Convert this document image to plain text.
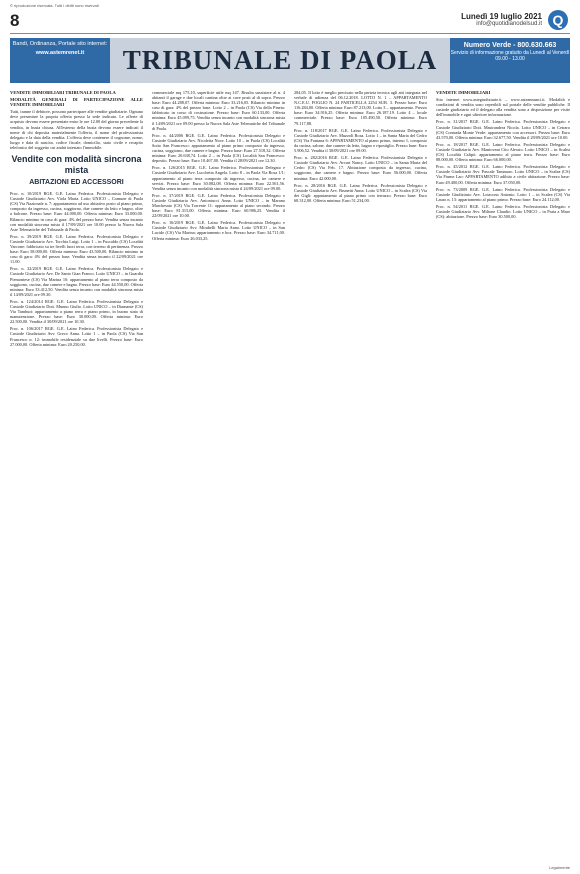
© riproduzione riservata. Tutti i diritti sono riservati
8	Lunedì 19 luglio 2021
info@quotidianodelsud.it Q
Bandi, Ordinanza, Portale sito internet:
www.astemrenet.it	TRIBUNALE DI PAOLA	Numero Verde - 800.630.663
Servizio di informazione gratuito da Lunedì al Venerdì 09.00 - 13.00

VENDITE IMMOBILIARI TRIBUNALE DI PAOLA

MODALITÀ GENERALI DI PARTECIPAZIONE ALLE VENDITE IMMOBILIARI

Tutti, tranne il debitore, possono partecipare alle vendite giudiziarie. Ognuno deve presentare la propria offerta presso la sede indicata. Le offerte di acquisto devono essere presentate entro le ore 12.00 del giorno precedente la vendita, in busta chiusa. All'esterno della busta devono essere indicati il nome di chi deposita materialmente l'offerta, il nome del professionista delegato e la data della vendita. L'offerta deve contenere il cognome, nome, luogo e data di nascita, codice fiscale, domicilio, stato civile e recapito telefonico del soggetto cui andrà intestato l'immobile.

Vendite con modalità sincrona mista
ABITAZIONI ED ACCESSORI

Proc. n. 10/2019 RGE. G.E. Laino Federica. Professionista Delegato e Custode Giudiziario Avv. Viola Marta. Lotto UNICO – Comune di Paola (CS) Via Nazionale n. 7: appartamento ad uso abitativo posto al piano primo, composto da ingresso, cucina, soggiorno, due camere da letto e bagno, oltre a balcone. Prezzo base: Euro 44.000,00. Offerta minima: Euro 33.000,00. Rilancio minimo in caso di gara: 4% del prezzo base. Vendita senza incanto con modalità sincrona mista il 17/09/2021 ore 10.00 presso la Nuova Sala Aste Telematiche del Tribunale di Paola.

Proc. n. 39/2019 RGE. G.E. Laino Federica. Professionista Delegato e Custode Giudiziario Avv. Torchia Luigi. Lotto 1 – in Fuscaldo (CS) Località Varcone: fabbricato su tre livelli fuori terra, con terreno di pertinenza. Prezzo base: Euro 58.000,00. Offerta minima: Euro 43.500,00. Rilancio minimo in caso di gara: 4% del prezzo base. Vendita senza incanto il 22/09/2021 ore 11.00.

Proc. n. 32/2019 RGE. G.E. Laino Federica. Professionista Delegato e Custode Giudiziario Avv. De Santo Gian Franco. Lotto UNICO – in Guardia Piemontese (CS) Via Marina 10: appartamento al piano terra composto da soggiorno, cucina, due camere e bagno. Prezzo base: Euro 44.550,00. Offerta minima: Euro 33.412,50. Vendita senza incanto con modalità sincrona mista il 14/09/2021 ore 09.30.

Proc. n. 124/2014 RGE. G.E. Laino Federica. Professionista Delegato e Custode Giudiziario Dott. Munno Giulio. Lotto UNICO – in Diamante (CS) Via Tamburi: appartamento a piano terra e piano primo, in buono stato di manutenzione. Prezzo base: Euro 30.000,00. Offerta minima: Euro 22.500,00. Vendita il 30/09/2021 ore 10.30.

Proc. n. 106/2017 RGE. G.E. Laino Federica. Professionista Delegato e Custode Giudiziario Avv. Greco Anna. Lotto 1 – in Paola (CS) Via San Francesco n. 12: immobile residenziale su due livelli. Prezzo base: Euro 27.000,00. Offerta minima: Euro 20.250,00.

commerciale mq 175,10, superficie utile mq 147. Risulta sussistere al n. 4 abitanti il garage e due locali cantina oltre ai cave posti al di sopra. Prezzo base: Euro 44.288,07. Offerta minima: Euro 33.216,05. Rilancio minimo in caso di gara: 4% del prezzo base. Lotto 2 – in Paola (CS) Via della Pineta: fabbricato in corso di costruzione. Prezzo base: Euro 60.133,00. Offerta minima: Euro 45.099,75. Vendita senza incanto con modalità sincrona mista il 14/09/2021 ore 09.00 presso la Nuova Sala Aste Telematiche del Tribunale di Paola.

Proc. n. 44/2006 RGE. G.E. Laino Federica. Professionista Delegato e Custode Giudiziario Avv. Nicoletta Noce. Lotto 10 – in Paola (CS) Località Sotto San Francesco: appartamento al piano primo composto da ingresso, cucina, soggiorno, due camere e bagno. Prezzo base: Euro 27.518,32. Offerta minima: Euro 20.638,74. Lotto 2 – in Paola (CS) Località San Francesco: deposito. Prezzo base: Euro 10.467,00. Vendita il 28/09/2021 ore 12.30.

Proc. n. 126/2015 RGE. G.E. Laino Federica. Professionista Delegato e Custode Giudiziario Avv. Lucchetta Angela. Lotto 8 – in Paola Via Rosa 1/1: appartamento al piano terra composto da ingresso, cucina, tre camere e servizi. Prezzo base: Euro 30.082,08. Offerta minima: Euro 22.561,56. Vendita senza incanto con modalità sincrona mista il 24/09/2021 ore 09.00.

Proc. n. 37/2019 RGE. G.E. Laino Federica. Professionista Delegato e Custode Giudiziario Avv. Antoniucci Anna. Lotto UNICO – in Marano Marchesato (CS) Via Torrente 11: appartamento al piano secondo. Prezzo base: Euro 81.315,00. Offerta minima: Euro 60.986,25. Vendita il 22/09/2021 ore 10.00.

Proc. n. 16/2019 RGE. G.E. Laino Federica. Professionista Delegato e Custode Giudiziario Avv. Mirabelli Maria Anna. Lotto UNICO – in San Lucido (CS) Via Marina: appartamento e box. Prezzo base: Euro 34.711,00. Offerta minima: Euro 26.033,25.

284,05. Il lotto è meglio precisato nella perizia tecnica agli atti integrata nel verbale di udienza del 06.12.2018. LOTTO N. 1 – APPARTAMENTO N.C.E.U. FOGLIO N. 24 PARTICELLA 2254 SUB. 3. Prezzo base: Euro 116.284,00. Offerta minima: Euro 87.213,00. Lotto 3 – appartamento. Prezzo base: Euro 34.916,25. Offerta minima: Euro 26.187,19. Lotto 4 – locale commerciale. Prezzo base: Euro 105.490,50. Offerta minima: Euro 79.117,88.

Proc. n. 118/2017 RGE. G.E. Laino Federica. Professionista Delegato e Custode Giudiziario Avv. Muzzolì Rosa. Lotto 1 – in Santa Maria del Cedro (CS) Via Fontana 6: APPARTAMENTO al piano primo, interno 1, composto da cucina, salone, due camere da letto, bagno e ripostiglio. Prezzo base: Euro 5.906,52. Vendita il 30/09/2021 ore 09.00.

Proc. n. 282/2016 RGE. G.E. Laino Federica. Professionista Delegato e Custode Giudiziario Avv. Arcuri Nancy. Lotto UNICO – in Santa Maria del Cedro (CS) Via Feb. 17. Abitazione composta da ingresso, cucina, soggiorno, due camere e bagno. Prezzo base: Euro 56.000,00. Offerta minima: Euro 42.000,00.

Proc. n. 28/2016 RGE. G.E. Laino Federica. Professionista Delegato e Custode Giudiziario Avv. Brunetti Anna. Lotto UNICO – in Scalea (CS) Via dei Gigli: appartamento al piano primo con terrazzo. Prezzo base: Euro 68.312,00. Offerta minima: Euro 51.234,00.

VENDITE IMMOBILIARI

Sito internet www.astegiudiziarie.it – www.asteannunci.it. Modalità e condizioni di vendita sono reperibili sul portale delle vendite pubbliche. Il custode giudiziario ed il delegato alla vendita sono a disposizione per visite dell'immobile e ogni ulteriore informazione.

Proc. n. 31/2017 RGE. G.E. Laino Federica. Professionista Delegato e Custode Giudiziario Dott. Mastrandrea Nicola. Lotto UNICO – in Cetraro (CS) Contrada Monte Verde: appartamento con accessori. Prezzo base: Euro 43.570,00. Offerta minima: Euro 32.677,50. Vendita il 29/09/2021 ore 10.00.

Proc. n. 18/2017 RGE. G.E. Laino Federica. Professionista Delegato e Custode Giudiziario Avv. Mantovani Cito Alessio. Lotto UNICO – in Scalea (CS) Località Calipò: appartamento al piano terra. Prezzo base: Euro 88.000,00. Offerta minima: Euro 66.000,00.

Proc. n. 45/2012 RGE. G.E. Laino Federica. Professionista Delegato e Custode Giudiziario Avv. Pascale Tammaro. Lotto UNICO – in Scalea (CS) Via Fiume Lao: APPARTAMENTO adibito a civile abitazione. Prezzo base: Euro 49.400,00. Offerta minima: Euro 37.050,00.

Proc. n. 73/2009 RGE. G.E. Laino Federica. Professionista Delegato e Custode Giudiziario Avv. Loiacono Antonio. Lotto 1 – in Scalea (CS) Via Lauro n. 13: appartamento al piano primo. Prezzo base: Euro 24.112,00.

Proc. n. 54/2011 RGE. G.E. Laino Federica. Professionista Delegato e Custode Giudiziario Avv. Milione Claudio. Lotto UNICO – in Praia a Mare (CS): abitazione. Prezzo base: Euro 30.500,00.

Legalmente
